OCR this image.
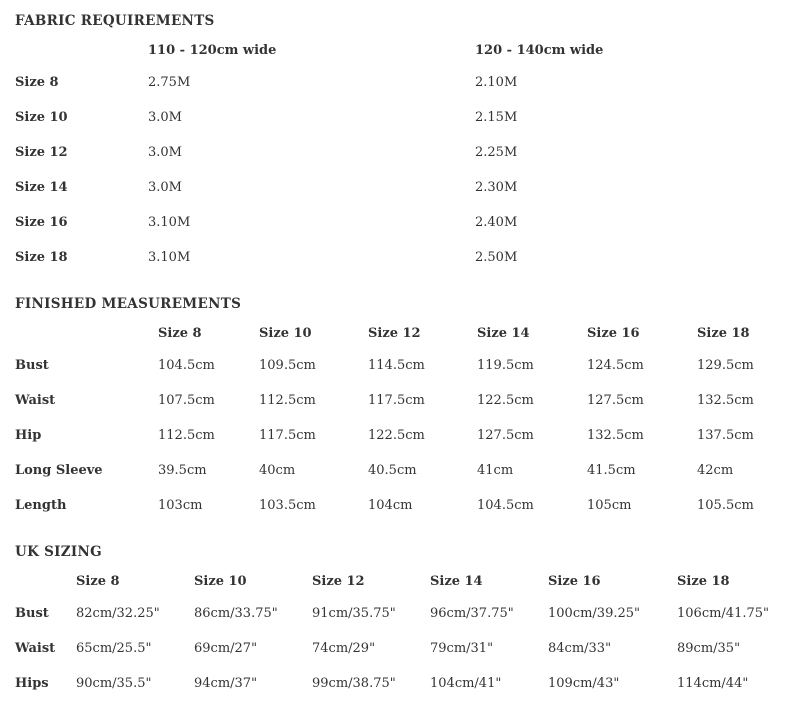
FABRIC REQUIREMENTS
	110 - 120cm wide	120 - 140cm wide
Size 8	2.75M	2.10M
Size 10	3.0M	2.15M
Size 12	3.0M	2.25M
Size 14	3.0M	2.30M
Size 16	3.10M	2.40M
Size 18	3.10M	2.50M
FINISHED MEASUREMENTS
	Size 8	Size 10	Size 12	Size 14	Size 16	Size 18
Bust	104.5cm	109.5cm	114.5cm	119.5cm	124.5cm	129.5cm
Waist	107.5cm	112.5cm	117.5cm	122.5cm	127.5cm	132.5cm
Hip	112.5cm	117.5cm	122.5cm	127.5cm	132.5cm	137.5cm
Long Sleeve	39.5cm	40cm	40.5cm	41cm	41.5cm	42cm
Length	103cm	103.5cm	104cm	104.5cm	105cm	105.5cm
UK SIZING
	Size 8	Size 10	Size 12	Size 14	Size 16	Size 18
Bust	82cm/32.25"	86cm/33.75"	91cm/35.75"	96cm/37.75"	100cm/39.25"	106cm/41.75"
Waist	65cm/25.5"	69cm/27"	74cm/29"	79cm/31"	84cm/33"	89cm/35"
Hips	90cm/35.5"	94cm/37"	99cm/38.75"	104cm/41"	109cm/43"	114cm/44"
